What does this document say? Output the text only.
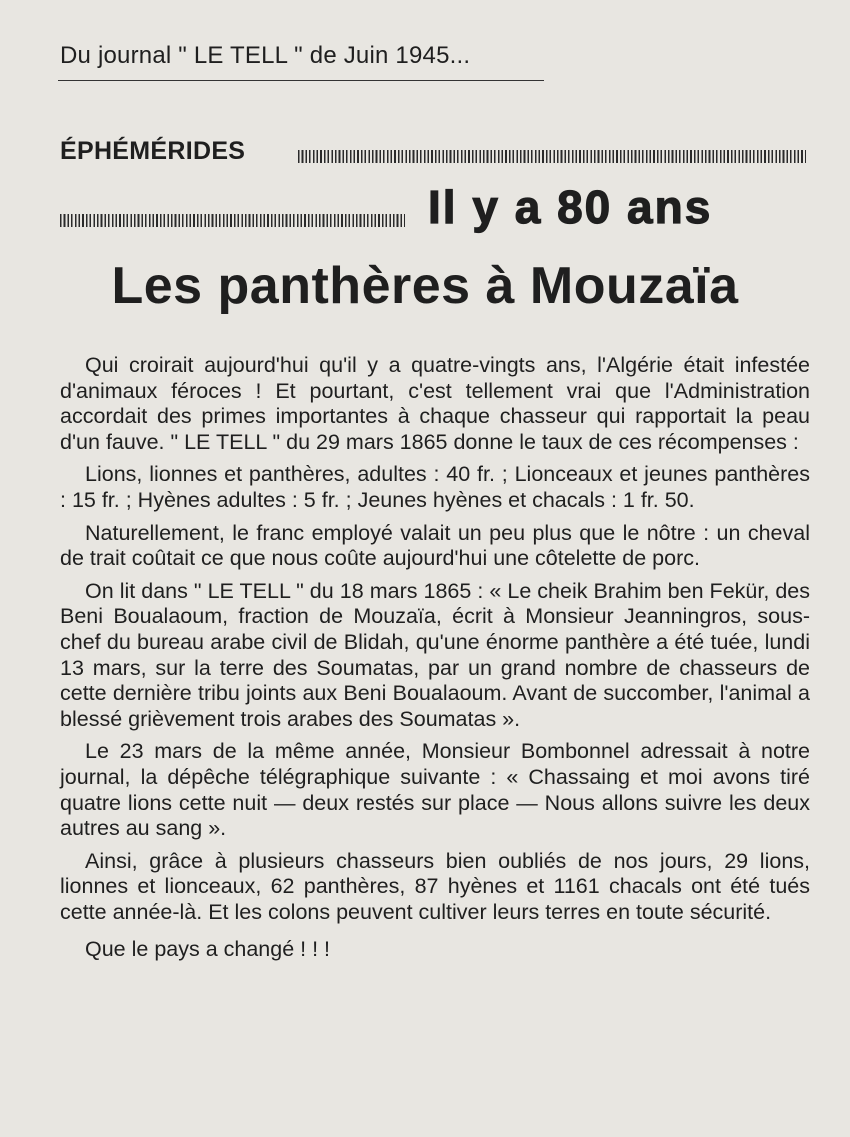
Du journal " LE TELL " de Juin 1945...
ÉPHÉMÉRIDES
Il y a 80 ans
Les panthères à Mouzaïa

Qui croirait aujourd'hui qu'il y a quatre-vingts ans, l'Algérie était infestée d'animaux féroces ! Et pourtant, c'est tellement vrai que l'Administration accordait des primes importantes à chaque chasseur qui rapportait la peau d'un fauve. " LE TELL " du 29 mars 1865 donne le taux de ces récompenses :

Lions, lionnes et panthères, adultes : 40 fr. ; Lionceaux et jeunes panthères : 15 fr. ; Hyènes adultes : 5 fr. ; Jeunes hyènes et chacals : 1 fr. 50.

Naturellement, le franc employé valait un peu plus que le nôtre : un cheval de trait coûtait ce que nous coûte aujourd'hui une côtelette de porc.

On lit dans " LE TELL " du 18 mars 1865 : « Le cheik Brahim ben Fekür, des Beni Boualaoum, fraction de Mouzaïa, écrit à Monsieur Jeanningros, sous-chef du bureau arabe civil de Blidah, qu'une énorme panthère a été tuée, lundi 13 mars, sur la terre des Soumatas, par un grand nombre de chasseurs de cette dernière tribu joints aux Beni Boualaoum. Avant de succomber, l'animal a blessé grièvement trois arabes des Soumatas ».

Le 23 mars de la même année, Monsieur Bombonnel adressait à notre journal, la dépêche télégraphique suivante : « Chassaing et moi avons tiré quatre lions cette nuit — deux restés sur place — Nous allons suivre les deux autres au sang ».

Ainsi, grâce à plusieurs chasseurs bien oubliés de nos jours, 29 lions, lionnes et lionceaux, 62 panthères, 87 hyènes et 1161 chacals ont été tués cette année-là. Et les colons peuvent cultiver leurs terres en toute sécurité.

Que le pays a changé ! ! !
